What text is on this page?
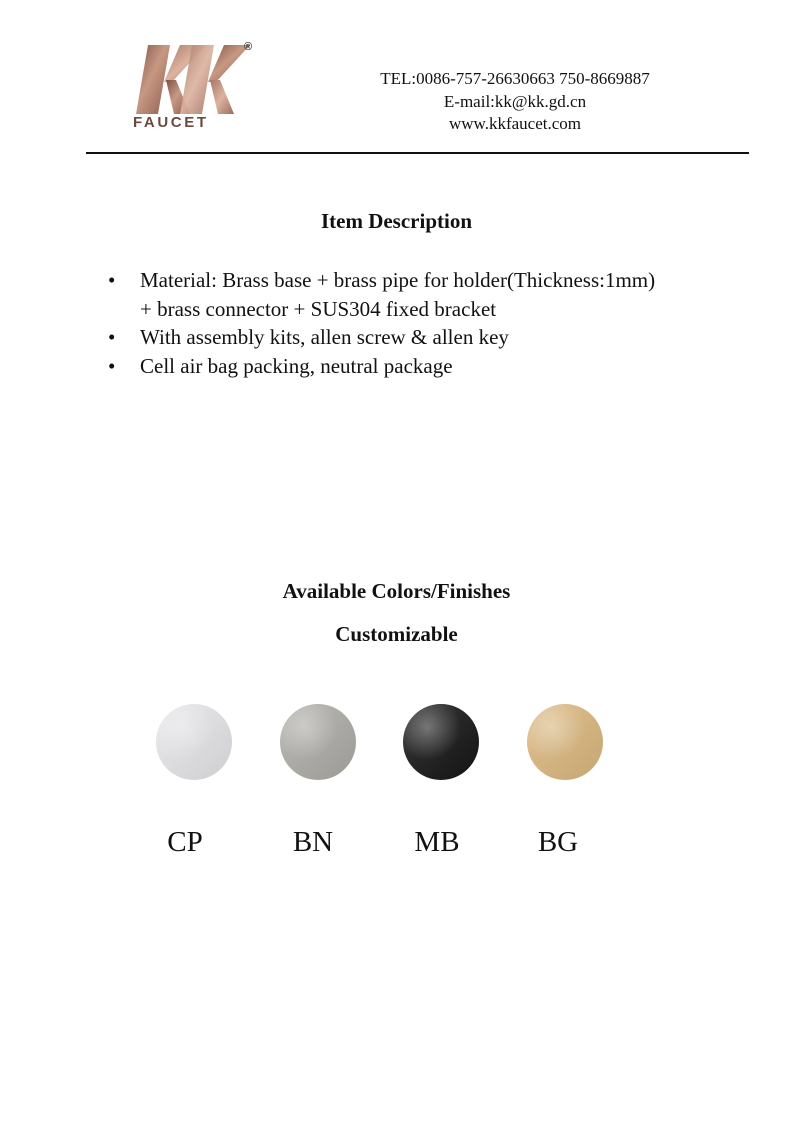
®
FAUCET
TEL:0086-757-26630663 750-8669887
E-mail:kk@kk.gd.cn
www.kkfaucet.com
Item Description
• Material: Brass base + brass pipe for holder(Thickness:1mm)
+ brass connector + SUS304 fixed bracket
• With assembly kits, allen screw & allen key
• Cell air bag packing, neutral package
Available Colors/Finishes
Customizable
CP	BN	MB	BG
